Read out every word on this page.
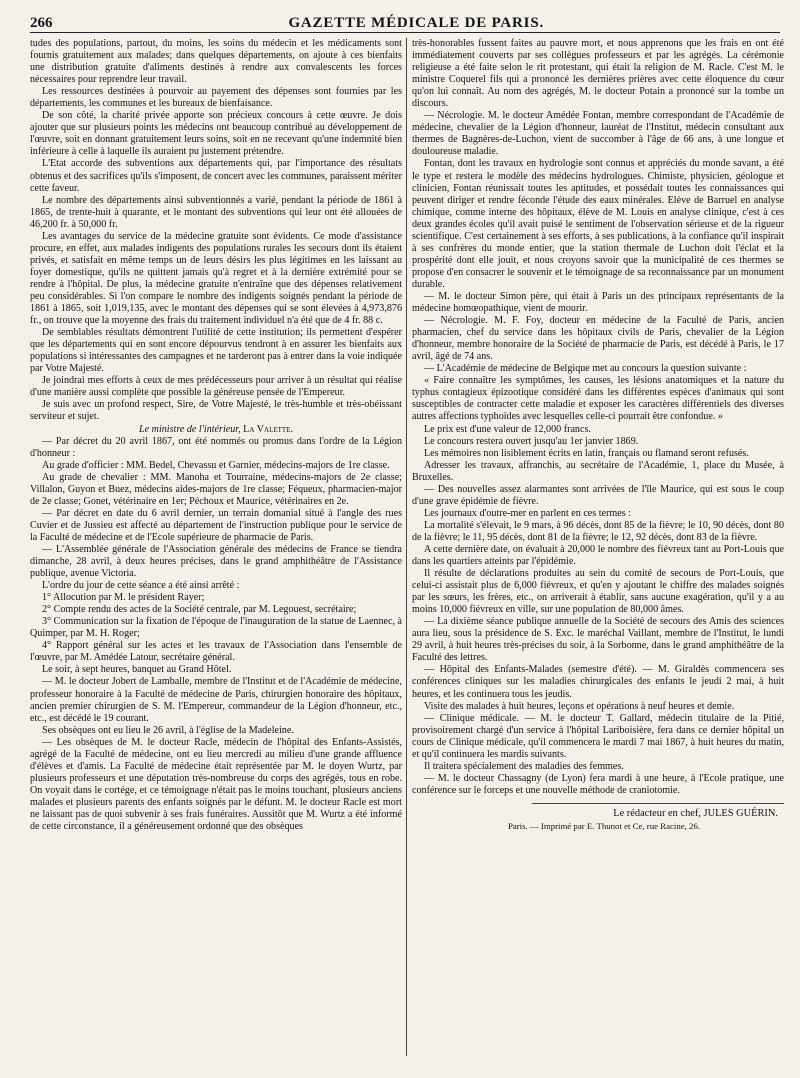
266	GAZETTE MÉDICALE DE PARIS.

tudes des populations, partout, du moins, les soins du médecin et les médicaments sont fournis gratuitement aux malades; dans quelques départements, on ajoute à ces bienfaits une distribution gratuite d'aliments destinés à rendre aux convalescents les forces nécessaires pour reprendre leur travail.

Les ressources destinées à pourvoir au payement des dépenses sont fournies par les départements, les communes et les bureaux de bienfaisance.

De son côté, la charité privée apporte son précieux concours à cette œuvre. Je dois ajouter que sur plusieurs points les médecins ont beaucoup contribué au développement de l'œuvre, soit en donnant gratuitement leurs soins, soit en ne recevant qu'une indemnité bien inférieure à celle à laquelle ils auraient pu justement prétendre.

L'Etat accorde des subventions aux départements qui, par l'importance des résultats obtenus et des sacrifices qu'ils s'imposent, de concert avec les communes, paraissent mériter cette faveur.

Le nombre des départements ainsi subventionnés a varié, pendant la période de 1861 à 1865, de trente-huit à quarante, et le montant des subventions qui leur ont été allouées de 46,200 fr. à 50,000 fr.

Les avantages du service de la médecine gratuite sont évidents. Ce mode d'assistance procure, en effet, aux malades indigents des populations rurales les secours dont ils étaient privés, et satisfait en même temps un de leurs désirs les plus légitimes en les laissant au foyer domestique, qu'ils ne quittent jamais qu'à regret et à la dernière extrémité pour se rendre à l'hôpital. De plus, la médecine gratuite n'entraîne que des dépenses relativement peu considérables. Si l'on compare le nombre des indigents soignés pendant la période de 1861 à 1865, soit 1,019,135, avec le montant des dépenses qui se sont élevées à 4,973,876 fr., on trouve que la moyenne des frais du traitement individuel n'a été que de 4 fr. 88 c.

De semblables résultats démontrent l'utilité de cette institution; ils permettent d'espérer que les départements qui en sont encore dépourvus tendront à en assurer les bienfaits aux populations si intéressantes des campagnes et ne tarderont pas à entrer dans la voie indiquée par Votre Majesté.

Je joindrai mes efforts à ceux de mes prédécesseurs pour arriver à un résultat qui réalise d'une manière aussi complète que possible la généreuse pensée de l'Empereur.

Je suis avec un profond respect, Sire, de Votre Majesté, le très-humble et très-obéissant serviteur et sujet.

Le ministre de l'intérieur, La Valette.

— Par décret du 20 avril 1867, ont été nommés ou promus dans l'ordre de la Légion d'honneur :

Au grade d'officier : MM. Bedel, Chevassu et Garnier, médecins-majors de 1re classe.

Au grade de chevalier : MM. Manoha et Tourraine, médecins-majors de 2e classe; Villalon, Guyon et Buez, médecins aides-majors de 1re classe; Féqueux, pharmacien-major de 2e classe; Gonet, vétérinaire en 1er; Péchoux et Maurice, vétérinaires en 2e.

— Par décret en date du 6 avril dernier, un terrain domanial situé à l'angle des rues Cuvier et de Jussieu est affecté au département de l'instruction publique pour le service de la Faculté de médecine et de l'Ecole supérieure de pharmacie de Paris.

— L'Assemblée générale de l'Association générale des médecins de France se tiendra dimanche, 28 avril, à deux heures précises, dans le grand amphithéâtre de l'Assistance publique, avenue Victoria.

L'ordre du jour de cette séance a été ainsi arrêté :

1° Allocution par M. le président Rayer;

2° Compte rendu des actes de la Société centrale, par M. Legouest, secrétaire;

3° Communication sur la fixation de l'époque de l'inauguration de la statue de Laennec, à Quimper, par M. H. Roger;

4° Rapport général sur les actes et les travaux de l'Association dans l'ensemble de l'œuvre, par M. Amédée Latour, secrétaire général.

Le soir, à sept heures, banquet au Grand Hôtel.

— M. le docteur Jobert de Lamballe, membre de l'Institut et de l'Académie de médecine, professeur honoraire à la Faculté de médecine de Paris, chirurgien honoraire des hôpitaux, ancien premier chirurgien de S. M. l'Empereur, commandeur de la Légion d'honneur, etc., etc., est décédé le 19 courant.

Ses obsèques ont eu lieu le 26 avril, à l'église de la Madeleine.

— Les obsèques de M. le docteur Racle, médecin de l'hôpital des Enfants-Assistés, agrégé de la Faculté de médecine, ont eu lieu mercredi au milieu d'une grande affluence d'élèves et d'amis. La Faculté de médecine était représentée par M. le doyen Wurtz, par plusieurs professeurs et une députation très-nombreuse du corps des agrégés, tous en robe. On voyait dans le cortége, et ce témoignage n'était pas le moins touchant, plusieurs anciens malades et plusieurs parents des enfants soignés par le défunt. M. le docteur Racle est mort ne laissant pas de quoi subvenir à ses frais funéraires. Aussitôt que M. Wurtz a été informé de cette circonstance, il a généreusement ordonné que des obsèques

très-honorables fussent faites au pauvre mort, et nous apprenons que les frais en ont été immédiatement couverts par ses collègues professeurs et par les agrégés. La cérémonie religieuse a été faite selon le rit protestant, qui était la religion de M. Racle. C'est M. le ministre Coquerel fils qui a prononcé les dernières prières avec cette éloquence du cœur qu'on lui connaît. Au nom des agrégés, M. le docteur Potain a prononcé sur la tombe un discours.

— Nécrologie. M. le docteur Amédée Fontan, membre correspondant de l'Académie de médecine, chevalier de la Légion d'honneur, lauréat de l'Institut, médecin consultant aux thermes de Bagnères-de-Luchon, vient de succomber à l'âge de 66 ans, à une longue et douloureuse maladie.

Fontan, dont les travaux en hydrologie sont connus et appréciés du monde savant, a été le type et restera le modèle des médecins hydrologues. Chimiste, physicien, géologue et clinicien, Fontan réunissait toutes les aptitudes, et possédait toutes les connaissances qui peuvent diriger et rendre féconde l'étude des eaux minérales. Elève de Barruel en analyse chimique, comme interne des hôpitaux, élève de M. Louis en analyse clinique, c'est à ces deux grandes écoles qu'il avait puisé le sentiment de l'observation sérieuse et de la rigueur scientifique. C'est certainement à ses efforts, à ses publications, à la confiance qu'il inspirait à ses confrères du monde entier, que la station thermale de Luchon doit l'éclat et la prospérité dont elle jouit, et nous croyons savoir que la municipalité de ces thermes se propose d'en consacrer le souvenir et le témoignage de sa reconnaissance par un monument durable.

— M. le docteur Simon père, qui était à Paris un des principaux représentants de la médecine homœopathique, vient de mourir.

— Nécrologie. M. F. Foy, docteur en médecine de la Faculté de Paris, ancien pharmacien, chef du service dans les hôpitaux civils de Paris, chevalier de la Légion d'honneur, membre honoraire de la Société de pharmacie de Paris, est décédé à Paris, le 17 avril, âgé de 74 ans.

— L'Académie de médecine de Belgique met au concours la question suivante :

« Faire connaître les symptômes, les causes, les lésions anatomiques et la nature du typhus contagieux épizootique considéré dans les différentes espèces d'animaux qui sont susceptibles de contracter cette maladie et exposer les caractères différentiels des diverses autres affections typhoïdes avec lesquelles celle-ci pourrait être confondue. »

Le prix est d'une valeur de 12,000 francs.

Le concours restera ouvert jusqu'au 1er janvier 1869.

Les mémoires non lisiblement écrits en latin, français ou flamand seront refusés.

Adresser les travaux, affranchis, au secrétaire de l'Académie, 1, place du Musée, à Bruxelles.

— Des nouvelles assez alarmantes sont arrivées de l'île Maurice, qui est sous le coup d'une grave épidémie de fièvre.

Les journaux d'outre-mer en parlent en ces termes :

La mortalité s'élevait, le 9 mars, à 96 décès, dont 85 de la fièvre; le 10, 90 décès, dont 80 de la fièvre; le 11, 95 décès, dont 81 de la fièvre; le 12, 92 décès, dont 83 de la fièvre.

A cette dernière date, on évaluait à 20,000 le nombre des fiévreux tant au Port-Louis que dans les quartiers atteints par l'épidémie.

Il résulte de déclarations produites au sein du comité de secours de Port-Louis, que celui-ci assistait plus de 6,000 fiévreux, et qu'en y ajoutant le chiffre des malades soignés par les sœurs, les frères, etc., on arriverait à établir, sans aucune exagération, qu'il y a au moins 10,000 fiévreux en ville, sur une population de 80,000 âmes.

— La dixième séance publique annuelle de la Société de secours des Amis des sciences aura lieu, sous la présidence de S. Exc. le maréchal Vaillant, membre de l'Institut, le lundi 29 avril, à huit heures très-précises du soir, à la Sorbonne, dans le grand amphithéâtre de la Faculté des lettres.

— Hôpital des Enfants-Malades (semestre d'été). — M. Giraldès commencera ses conférences cliniques sur les maladies chirurgicales des enfants le jeudi 2 mai, à huit heures, et les continuera tous les jeudis.

Visite des malades à huit heures, leçons et opérations à neuf heures et demie.

— Clinique médicale. — M. le docteur T. Gallard, médecin titulaire de la Pitié, provisoirement chargé d'un service à l'hôpital Lariboisière, fera dans ce dernier hôpital un cours de Clinique médicale, qu'il commencera le mardi 7 mai 1867, à huit heures du matin, et qu'il continuera les mardis suivants.

Il traitera spécialement des maladies des femmes.

— M. le docteur Chassagny (de Lyon) fera mardi à une heure, à l'Ecole pratique, une conférence sur le forceps et une nouvelle méthode de craniotomie.

Le rédacteur en chef, JULES GUÉRIN.

Paris. — Imprimé par E. Thunot et Ce, rue Racine, 26.
